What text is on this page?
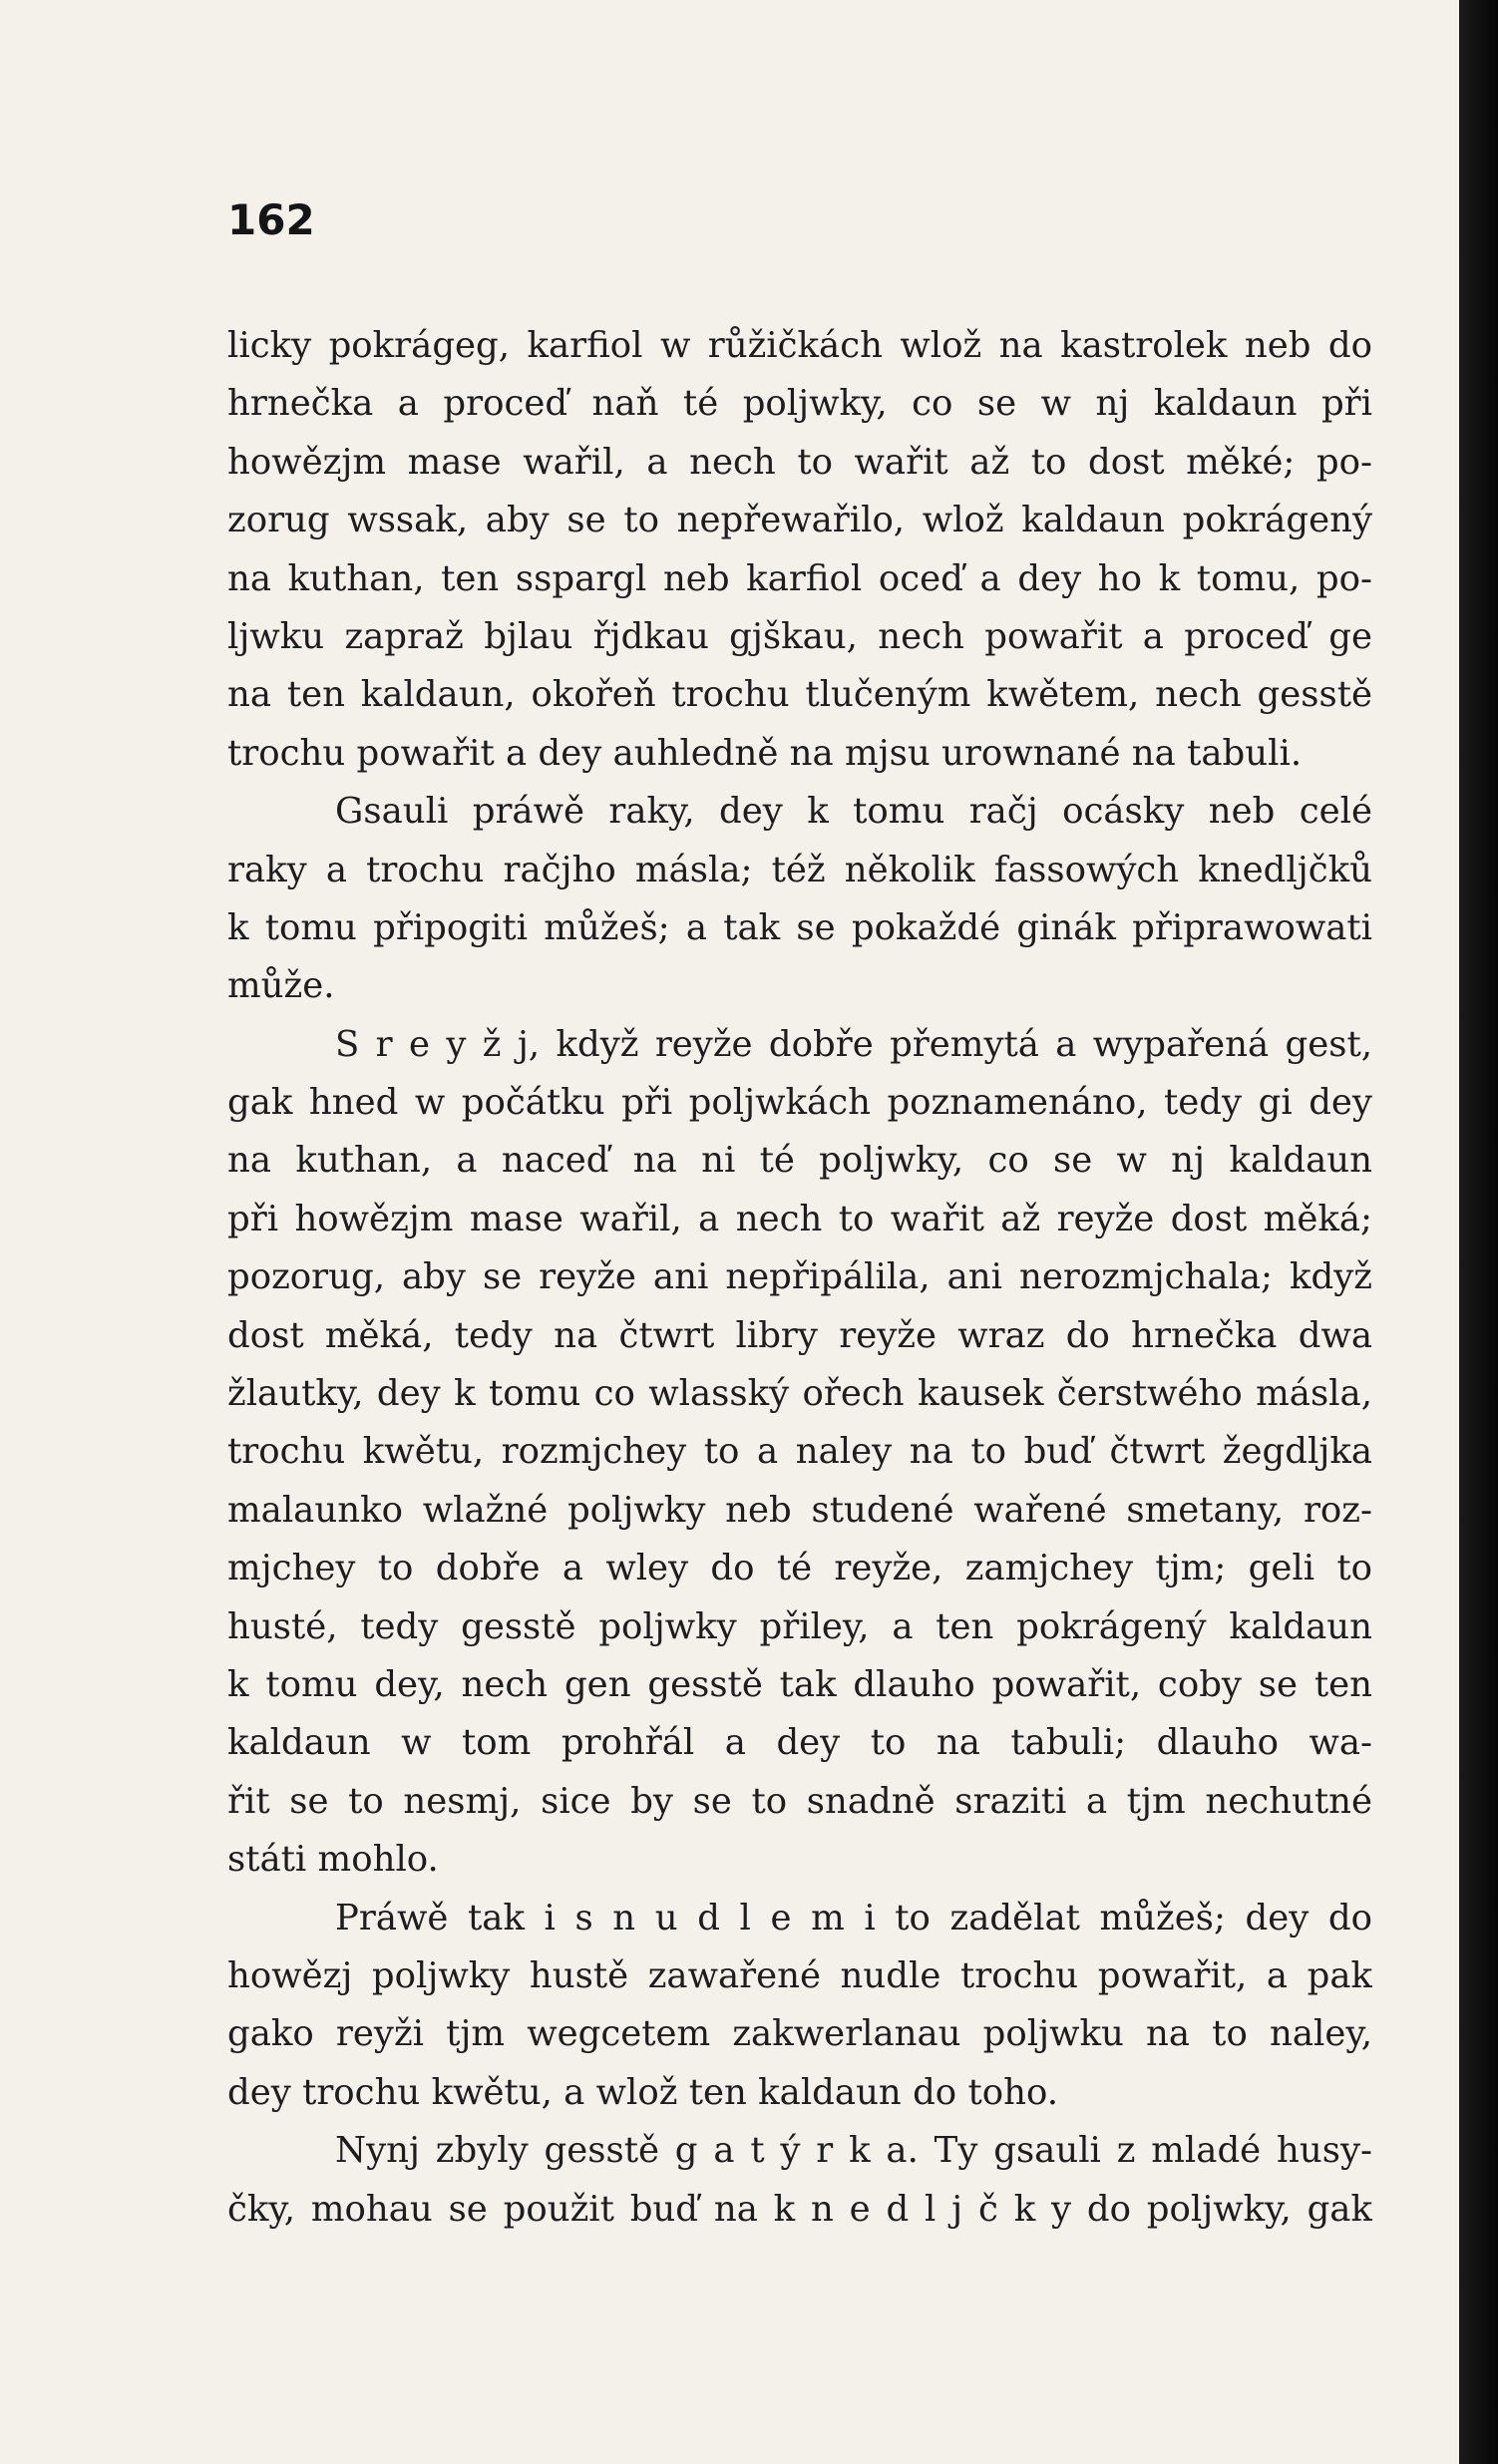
162
licky pokrágeg, karfiol w růžičkách wlož na kastrolek neb do
hrnečka a proceď naň té poljwky, co se w nj kaldaun při
howězjm mase wařil, a nech to wařit až to dost měké; po-
zorug wssak, aby se to nepřewařilo, wlož kaldaun pokrágený
na kuthan, ten sspargl neb karfiol oceď a dey ho k tomu, po-
ljwku zapraž bjlau řjdkau gjškau, nech powařit a proceď ge
na ten kaldaun, okořeň trochu tlučeným kwětem, nech gesstě
trochu powařit a dey auhledně na mjsu urownané na tabuli.
Gsauli práwě raky, dey k tomu račj ocásky neb celé
raky a trochu račjho másla; též několik fassowých knedljčků
k tomu připogiti můžeš; a tak se pokaždé ginák připrawowati
může.
S r e y ž j, když reyže dobře přemytá a wypařená gest,
gak hned w počátku při poljwkách poznamenáno, tedy gi dey
na kuthan, a naceď na ni té poljwky, co se w nj kaldaun
při howězjm mase wařil, a nech to wařit až reyže dost měká;
pozorug, aby se reyže ani nepřipálila, ani nerozmjchala; když
dost měká, tedy na čtwrt libry reyže wraz do hrnečka dwa
žlautky, dey k tomu co wlasský ořech kausek čerstwého másla,
trochu kwětu, rozmjchey to a naley na to buď čtwrt žegdljka
malaunko wlažné poljwky neb studené wařené smetany, roz-
mjchey to dobře a wley do té reyže, zamjchey tjm; geli to
husté, tedy gesstě poljwky přiley, a ten pokrágený kaldaun
k tomu dey, nech gen gesstě tak dlauho powařit, coby se ten
kaldaun w tom prohřál a dey to na tabuli; dlauho wa-
řit se to nesmj, sice by se to snadně sraziti a tjm nechutné
státi mohlo.
Práwě tak i s n u d l e m i to zadělat můžeš; dey do
howězj poljwky hustě zawařené nudle trochu powařit, a pak
gako reyži tjm wegcetem zakwerlanau poljwku na to naley,
dey trochu kwětu, a wlož ten kaldaun do toho.
Nynj zbyly gesstě g a t ý r k a. Ty gsauli z mladé husy-
čky, mohau se použit buď na k n e d l j č k y do poljwky, gak
